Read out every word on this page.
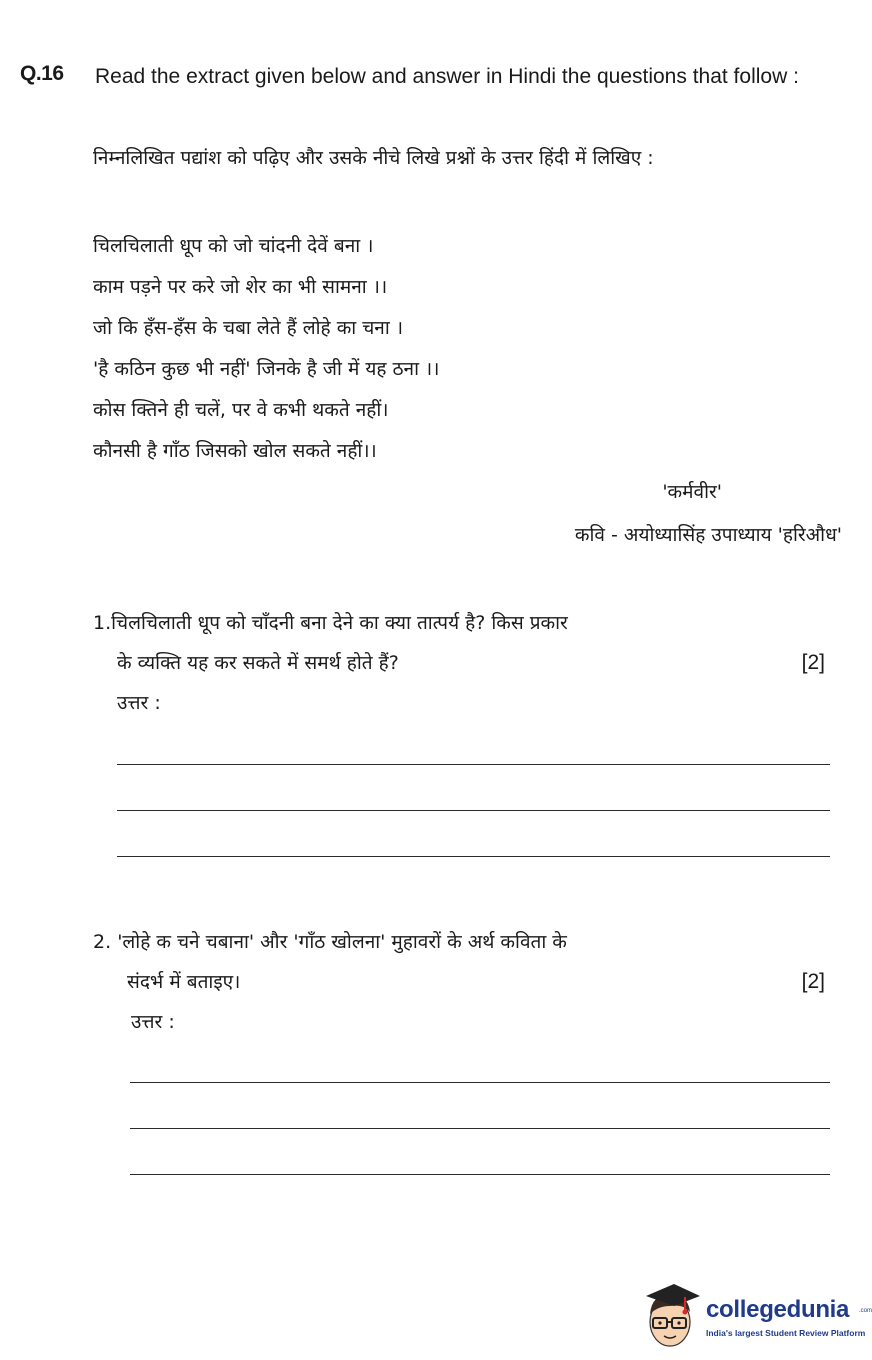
Q.16 Read the extract given below and answer in Hindi the questions that follow :
निम्नलिखित पद्यांश को पढ़िए और उसके नीचे लिखे प्रश्नों के उत्तर हिंदी में लिखिए :
चिलचिलाती धूप को जो चांदनी देवें बना ।
काम पड़ने पर करे जो शेर का भी सामना ।।
जो कि हँस-हँस के चबा लेते हैं लोहे का चना ।
'है कठिन कुछ भी नहीं' जिनके है जी में यह ठना ।।
कोस क्तिने ही चलें, पर वे कभी थकते नहीं।
कौनसी है गाँठ जिसको खोल सकते नहीं।।
'कर्मवीर'
कवि - अयोध्यासिंह उपाध्याय 'हरिऔध'
1.चिलचिलाती धूप को चाँदनी बना देने का क्या तात्पर्य है? किस प्रकार
के व्यक्ति यह कर सकते में समर्थ होते हैं?	[2]
उत्तर :
2. 'लोहे क चने चबाना' और 'गाँठ खोलना' मुहावरों के अर्थ कविता के
संदर्भ में बताइए।	[2]
उत्तर :
collegedunia .com
India's largest Student Review Platform
